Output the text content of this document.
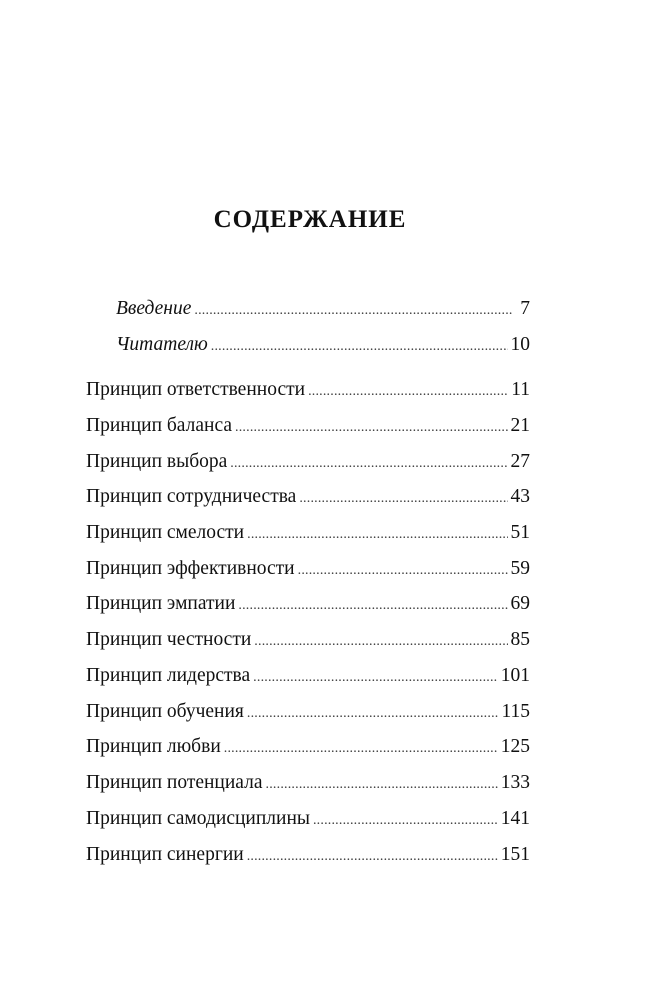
СОДЕРЖАНИЕ
Введение .....	7
Читателю .....	10
Принцип ответственности .....	11
Принцип баланса .....	21
Принцип выбора .....	27
Принцип сотрудничества .....	43
Принцип смелости .....	51
Принцип эффективности .....	59
Принцип эмпатии .....	69
Принцип честности .....	85
Принцип лидерства .....	101
Принцип обучения .....	115
Принцип любви .....	125
Принцип потенциала .....	133
Принцип самодисциплины .....	141
Принцип синергии .....	151
